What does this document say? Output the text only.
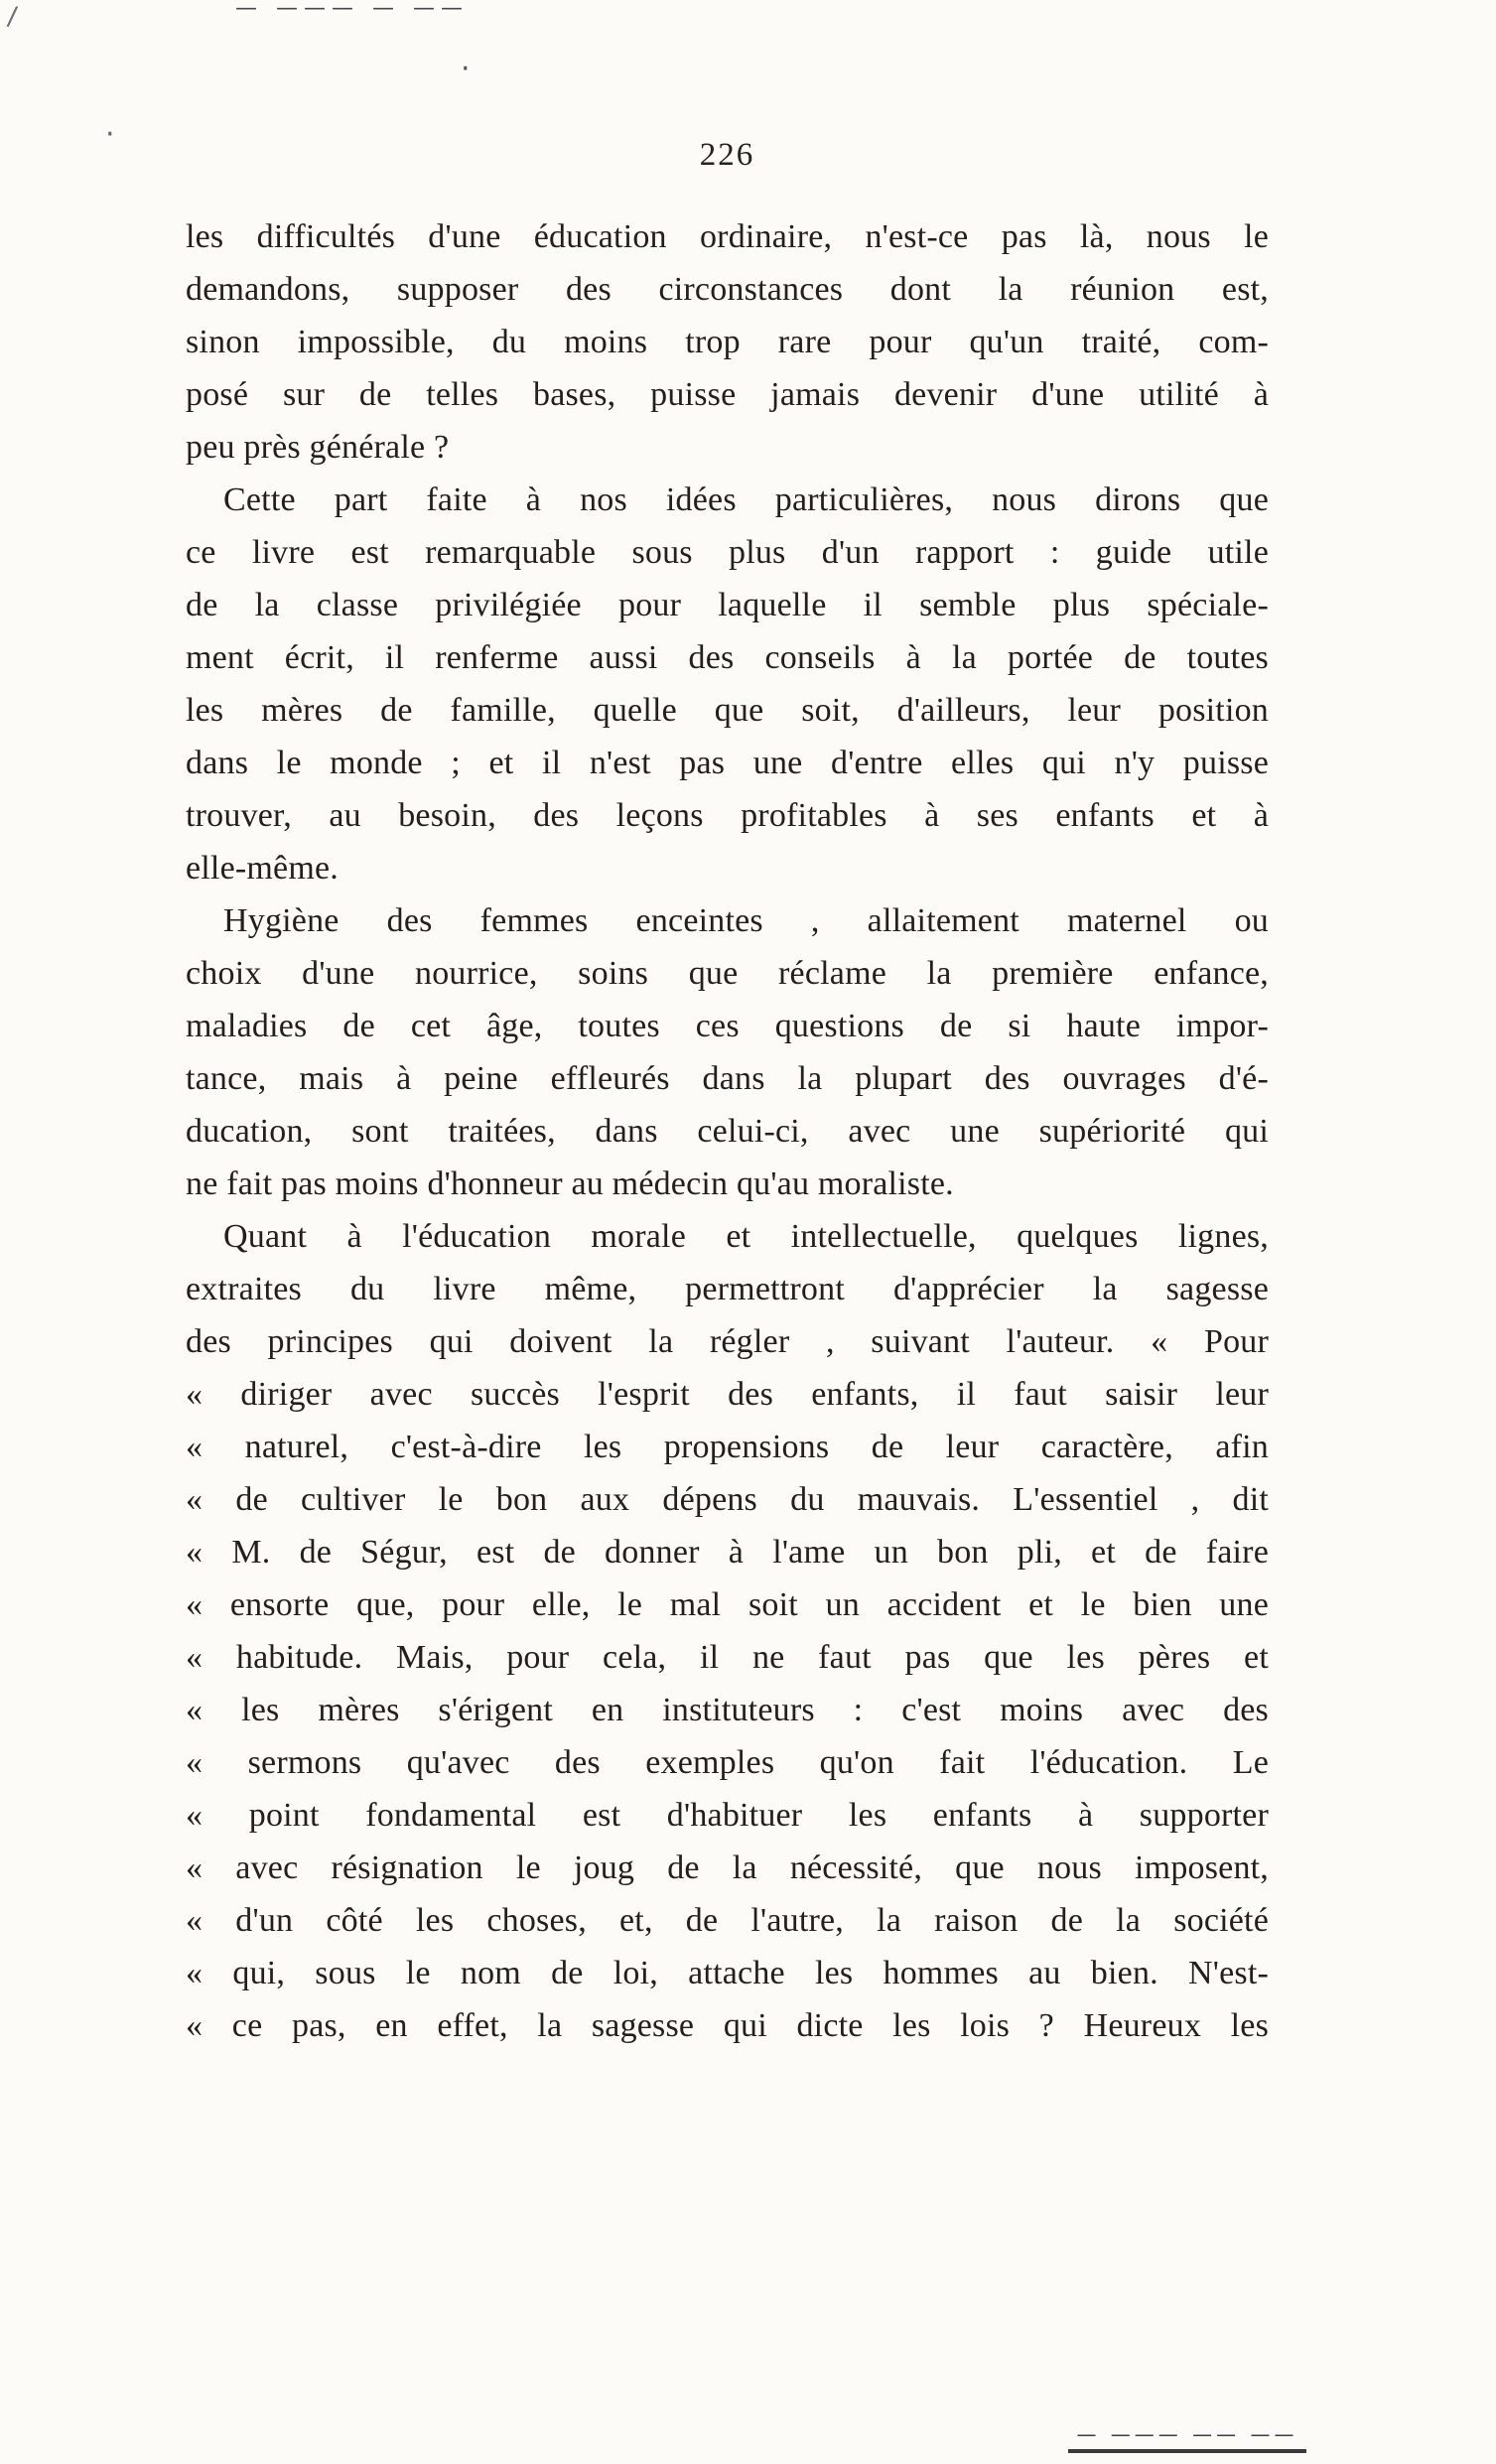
∕	— ——— — ——
·
·
226
les difficultés d'une éducation ordinaire, n'est-ce pas là, nous le
demandons, supposer des circonstances dont la réunion est,
sinon impossible, du moins trop rare pour qu'un traité, com-
posé sur de telles bases, puisse jamais devenir d'une utilité à
peu près générale ?
Cette part faite à nos idées particulières, nous dirons que
ce livre est remarquable sous plus d'un rapport : guide utile
de la classe privilégiée pour laquelle il semble plus spéciale-
ment écrit, il renferme aussi des conseils à la portée de toutes
les mères de famille, quelle que soit, d'ailleurs, leur position
dans le monde ; et il n'est pas une d'entre elles qui n'y puisse
trouver, au besoin, des leçons profitables à ses enfants et à
elle-même.
Hygiène des femmes enceintes , allaitement maternel ou
choix d'une nourrice, soins que réclame la première enfance,
maladies de cet âge, toutes ces questions de si haute impor-
tance, mais à peine effleurés dans la plupart des ouvrages d'é-
ducation, sont traitées, dans celui-ci, avec une supériorité qui
ne fait pas moins d'honneur au médecin qu'au moraliste.
Quant à l'éducation morale et intellectuelle, quelques lignes,
extraites du livre même, permettront d'apprécier la sagesse
des principes qui doivent la régler , suivant l'auteur. « Pour
« diriger avec succès l'esprit des enfants, il faut saisir leur
« naturel, c'est-à-dire les propensions de leur caractère, afin
« de cultiver le bon aux dépens du mauvais. L'essentiel , dit
« M. de Ségur, est de donner à l'ame un bon pli, et de faire
« ensorte que, pour elle, le mal soit un accident et le bien une
« habitude. Mais, pour cela, il ne faut pas que les pères et
« les mères s'érigent en instituteurs : c'est moins avec des
« sermons qu'avec des exemples qu'on fait l'éducation. Le
« point fondamental est d'habituer les enfants à supporter
« avec résignation le joug de la nécessité, que nous imposent,
« d'un côté les choses, et, de l'autre, la raison de la société
« qui, sous le nom de loi, attache les hommes au bien. N'est-
« ce pas, en effet, la sagesse qui dicte les lois ? Heureux les
— ——— —— ——
